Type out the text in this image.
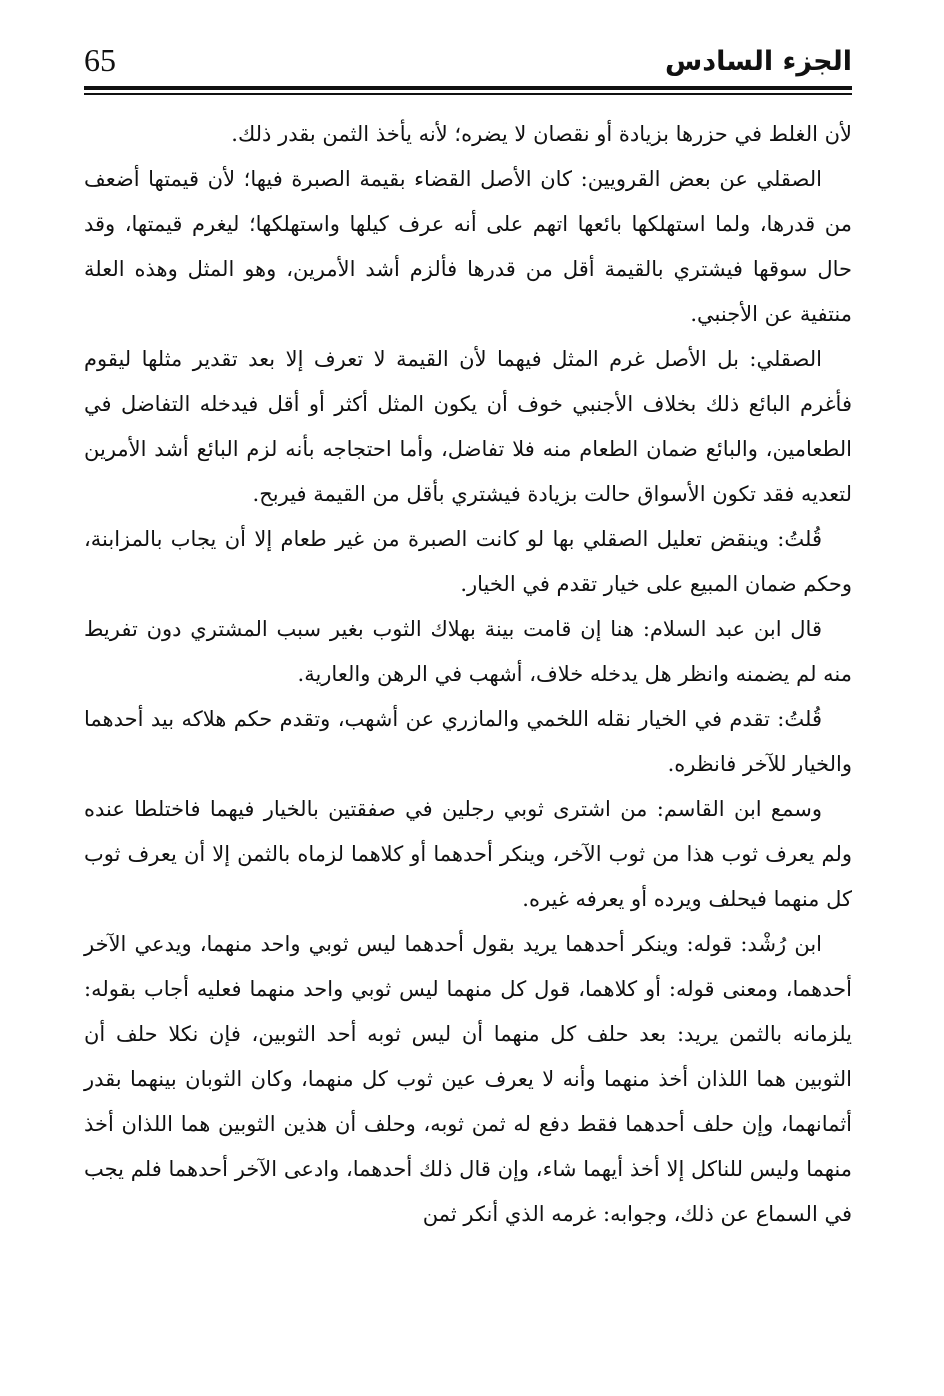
65	الجزء السادس

لأن الغلط في حزرها بزيادة أو نقصان لا يضره؛ لأنه يأخذ الثمن بقدر ذلك.

الصقلي عن بعض القرويين: كان الأصل القضاء بقيمة الصبرة فيها؛ لأن قيمتها أضعف من قدرها، ولما استهلكها بائعها اتهم على أنه عرف كيلها واستهلكها؛ ليغرم قيمتها، وقد حال سوقها فيشتري بالقيمة أقل من قدرها فألزم أشد الأمرين، وهو المثل وهذه العلة منتفية عن الأجنبي.

الصقلي: بل الأصل غرم المثل فيهما لأن القيمة لا تعرف إلا بعد تقدير مثلها ليقوم فأغرم البائع ذلك بخلاف الأجنبي خوف أن يكون المثل أكثر أو أقل فيدخله التفاضل في الطعامين، والبائع ضمان الطعام منه فلا تفاضل، وأما احتجاجه بأنه لزم البائع أشد الأمرين لتعديه فقد تكون الأسواق حالت بزيادة فيشتري بأقل من القيمة فيربح.

قُلتُ: وينقض تعليل الصقلي بها لو كانت الصبرة من غير طعام إلا أن يجاب بالمزابنة، وحكم ضمان المبيع على خيار تقدم في الخيار.

قال ابن عبد السلام: هنا إن قامت بينة بهلاك الثوب بغير سبب المشتري دون تفريط منه لم يضمنه وانظر هل يدخله خلاف، أشهب في الرهن والعارية.

قُلتُ: تقدم في الخيار نقله اللخمي والمازري عن أشهب، وتقدم حكم هلاكه بيد أحدهما والخيار للآخر فانظره.

وسمع ابن القاسم: من اشترى ثوبي رجلين في صفقتين بالخيار فيهما فاختلطا عنده ولم يعرف ثوب هذا من ثوب الآخر، وينكر أحدهما أو كلاهما لزماه بالثمن إلا أن يعرف ثوب كل منهما فيحلف ويرده أو يعرفه غيره.

ابن رُشْد: قوله: وينكر أحدهما يريد بقول أحدهما ليس ثوبي واحد منهما، ويدعي الآخر أحدهما، ومعنى قوله: أو كلاهما، قول كل منهما ليس ثوبي واحد منهما فعليه أجاب بقوله: يلزمانه بالثمن يريد: بعد حلف كل منهما أن ليس ثوبه أحد الثوبين، فإن نكلا حلف أن الثوبين هما اللذان أخذ منهما وأنه لا يعرف عين ثوب كل منهما، وكان الثوبان بينهما بقدر أثمانهما، وإن حلف أحدهما فقط دفع له ثمن ثوبه، وحلف أن هذين الثوبين هما اللذان أخذ منهما وليس للناكل إلا أخذ أيهما شاء، وإن قال ذلك أحدهما، وادعى الآخر أحدهما فلم يجب في السماع عن ذلك، وجوابه: غرمه الذي أنكر ثمن
